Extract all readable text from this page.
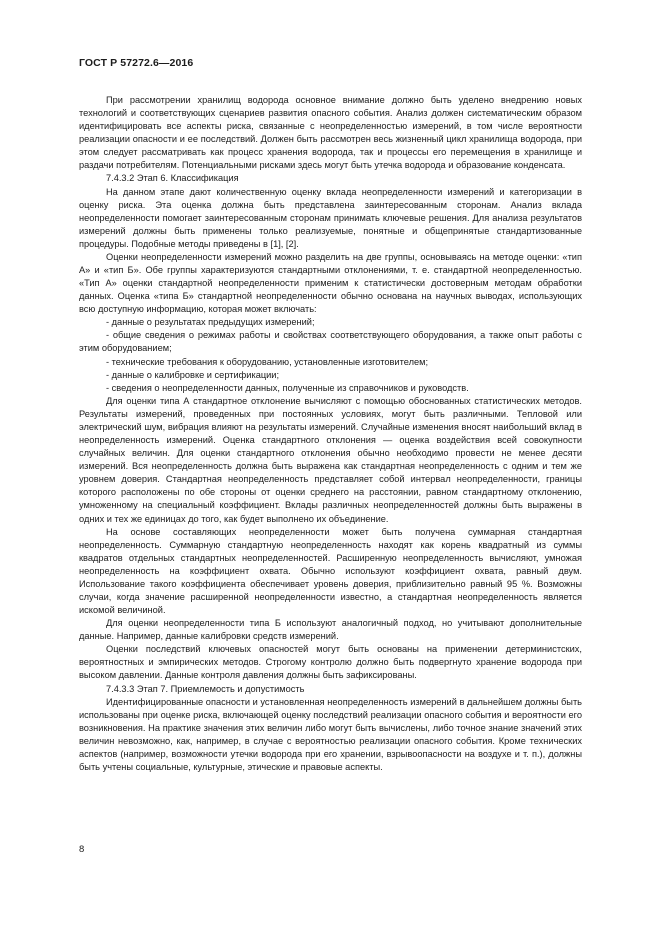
ГОСТ Р 57272.6—2016

При рассмотрении хранилищ водорода основное внимание должно быть уделено внедрению новых технологий и соответствующих сценариев развития опасного события. Анализ должен систематическим образом идентифицировать все аспекты риска, связанные с неопределенностью измерений, в том числе вероятности реализации опасности и ее последствий. Должен быть рассмотрен весь жизненный цикл хранилища водорода, при этом следует рассматривать как процесс хранения водорода, так и процессы его перемещения в хранилище и раздачи потребителям. Потенциальными рисками здесь могут быть утечка водорода и образование конденсата.

7.4.3.2 Этап 6. Классификация

На данном этапе дают количественную оценку вклада неопределенности измерений и категоризации в оценку риска. Эта оценка должна быть представлена заинтересованным сторонам. Анализ вклада неопределенности помогает заинтересованным сторонам принимать ключевые решения. Для анализа результатов измерений должны быть применены только реализуемые, понятные и общепринятые стандартизованные процедуры. Подобные методы приведены в [1], [2].

Оценки неопределенности измерений можно разделить на две группы, основываясь на методе оценки: «тип А» и «тип Б». Обе группы характеризуются стандартными отклонениями, т. е. стандартной неопределенностью. «Тип А» оценки стандартной неопределенности применим к статистически достоверным методам обработки данных. Оценка «типа Б» стандартной неопределенности обычно основана на научных выводах, использующих всю доступную информацию, которая может включать:

- данные о результатах предыдущих измерений;

- общие сведения о режимах работы и свойствах соответствующего оборудования, а также опыт работы с этим оборудованием;

- технические требования к оборудованию, установленные изготовителем;

- данные о калибровке и сертификации;

- сведения о неопределенности данных, полученные из справочников и руководств.

Для оценки типа А стандартное отклонение вычисляют с помощью обоснованных статистических методов. Результаты измерений, проведенных при постоянных условиях, могут быть различными. Тепловой или электрический шум, вибрация влияют на результаты измерений. Случайные изменения вносят наибольший вклад в неопределенность измерений. Оценка стандартного отклонения — оценка воздействия всей совокупности случайных величин. Для оценки стандартного отклонения обычно необходимо провести не менее десяти измерений. Вся неопределенность должна быть выражена как стандартная неопределенность с одним и тем же уровнем доверия. Стандартная неопределенность представляет собой интервал неопределенности, границы которого расположены по обе стороны от оценки среднего на расстоянии, равном стандартному отклонению, умноженному на специальный коэффициент. Вклады различных неопределенностей должны быть выражены в одних и тех же единицах до того, как будет выполнено их объединение.

На основе составляющих неопределенности может быть получена суммарная стандартная неопределенность. Суммарную стандартную неопределенность находят как корень квадратный из суммы квадратов отдельных стандартных неопределенностей. Расширенную неопределенность вычисляют, умножая неопределенность на коэффициент охвата. Обычно используют коэффициент охвата, равный двум. Использование такого коэффициента обеспечивает уровень доверия, приблизительно равный 95 %. Возможны случаи, когда значение расширенной неопределенности известно, а стандартная неопределенность является искомой величиной.

Для оценки неопределенности типа Б используют аналогичный подход, но учитывают дополнительные данные. Например, данные калибровки средств измерений.

Оценки последствий ключевых опасностей могут быть основаны на применении детерминистских, вероятностных и эмпирических методов. Строгому контролю должно быть подвергнуто хранение водорода при высоком давлении. Данные контроля давления должны быть зафиксированы.

7.4.3.3 Этап 7. Приемлемость и допустимость

Идентифицированные опасности и установленная неопределенность измерений в дальнейшем должны быть использованы при оценке риска, включающей оценку последствий реализации опасного события и вероятности его возникновения. На практике значения этих величин либо могут быть вычислены, либо точное знание значений этих величин невозможно, как, например, в случае с вероятностью реализации опасного события. Кроме технических аспектов (например, возможности утечки водорода при его хранении, взрывоопасности на воздухе и т. п.), должны быть учтены социальные, культурные, этические и правовые аспекты.

8
